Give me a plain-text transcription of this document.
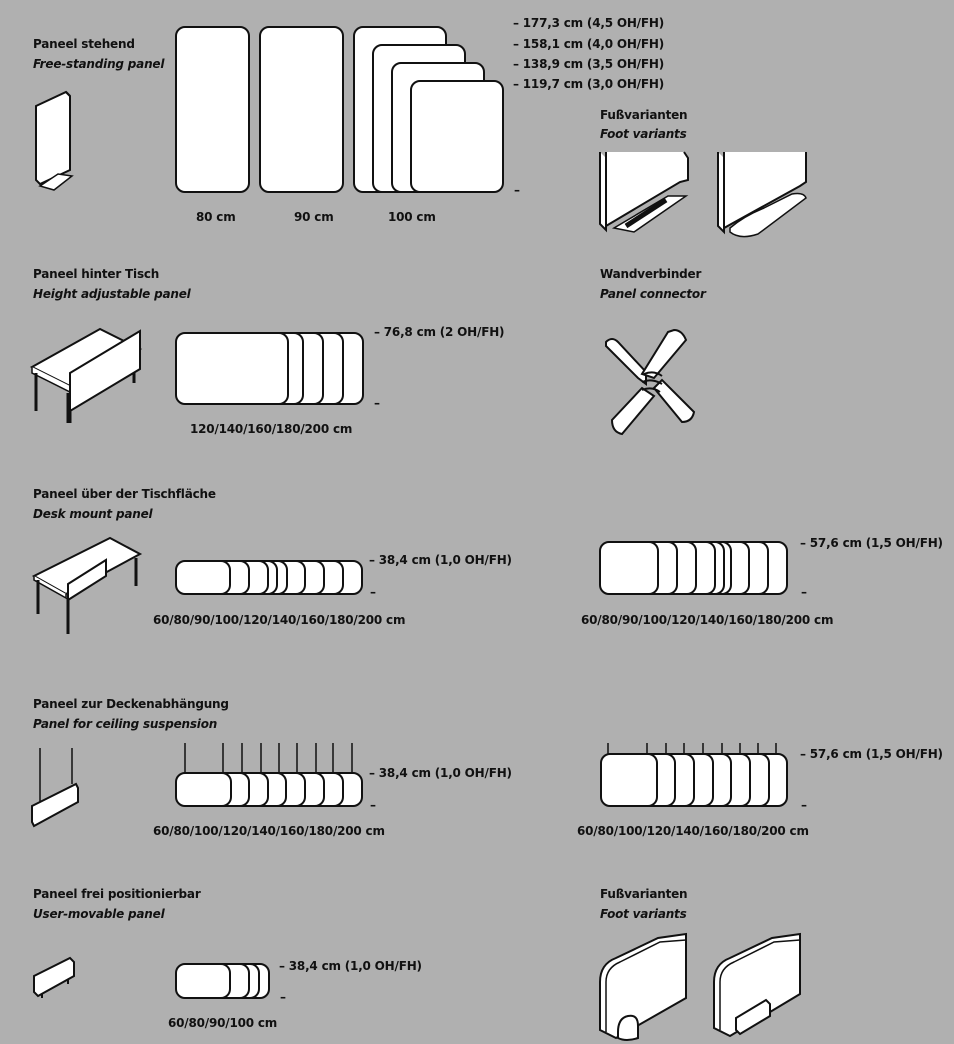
Paneel stehend
Free-standing panel
– 177,3 cm (4,5 OH/FH)
– 158,1 cm (4,0 OH/FH)
– 138,9 cm (3,5 OH/FH)
– 119,7 cm (3,0 OH/FH)
–
80 cm	90 cm	100 cm
Fußvarianten
Foot variants
Paneel hinter Tisch
Height adjustable panel
– 76,8 cm (2 OH/FH)
–
120/140/160/180/200 cm
Wandverbinder
Panel connector
Paneel über der Tischfläche
Desk mount panel
– 38,4 cm (1,0 OH/FH)
–
60/80/90/100/120/140/160/180/200 cm
– 57,6 cm (1,5 OH/FH)
–
60/80/90/100/120/140/160/180/200 cm
Paneel zur Deckenabhängung
Panel for ceiling suspension
– 38,4 cm (1,0 OH/FH)
–
60/80/100/120/140/160/180/200 cm
– 57,6 cm (1,5 OH/FH)
–
60/80/100/120/140/160/180/200 cm
Paneel frei positionierbar
User-movable panel
– 38,4 cm (1,0 OH/FH)
–
60/80/90/100 cm
Fußvarianten
Foot variants
